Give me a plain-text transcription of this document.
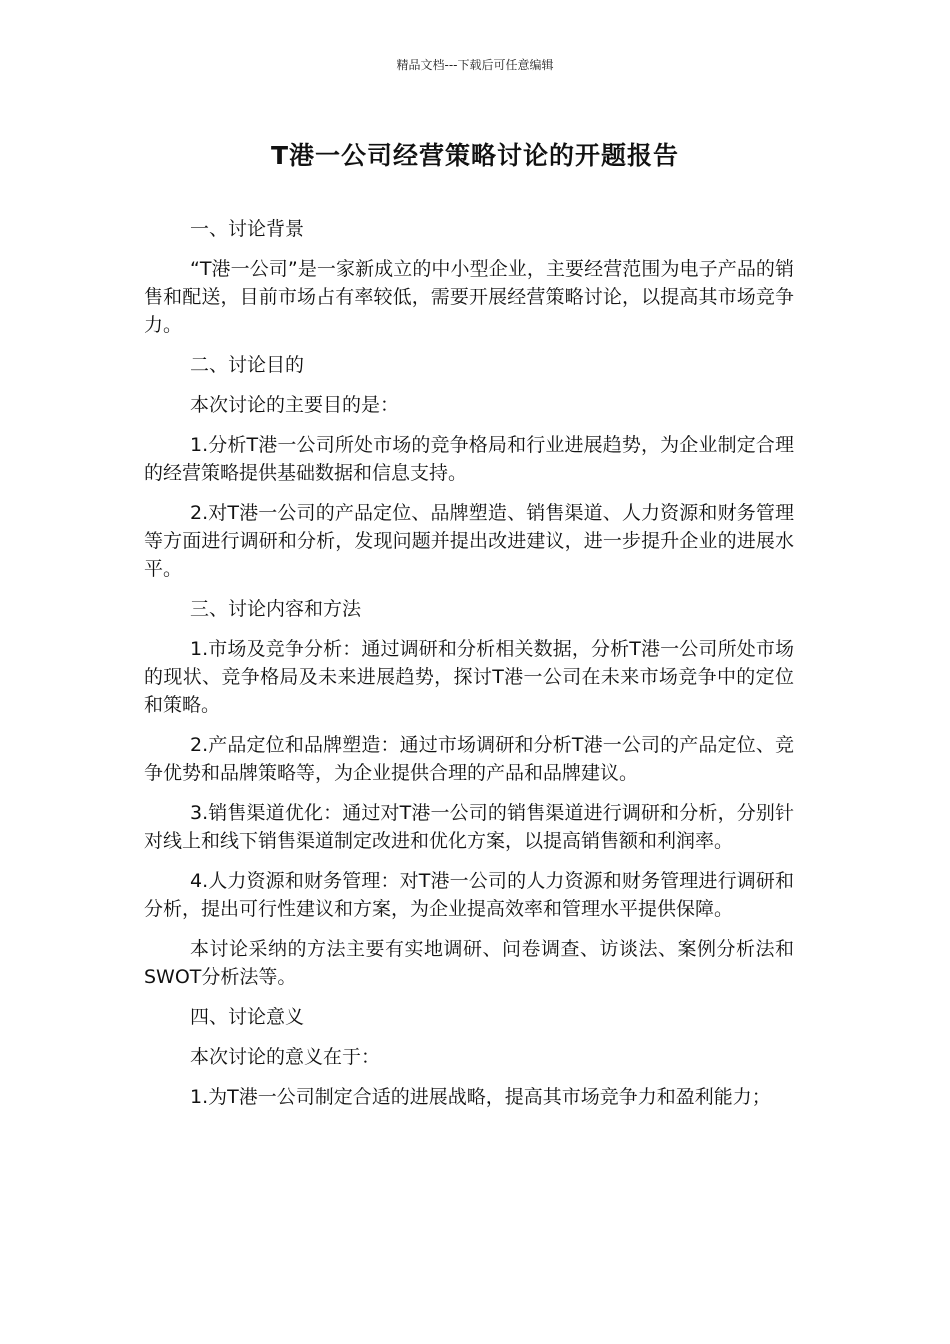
精品文档---下载后可任意编辑
T港一公司经营策略讨论的开题报告

一、讨论背景

“T港一公司”是一家新成立的中小型企业，主要经营范围为电子产品的销售和配送，目前市场占有率较低，需要开展经营策略讨论，以提高其市场竞争力。

二、讨论目的

本次讨论的主要目的是：

1.分析T港一公司所处市场的竞争格局和行业进展趋势，为企业制定合理的经营策略提供基础数据和信息支持。

2.对T港一公司的产品定位、品牌塑造、销售渠道、人力资源和财务管理等方面进行调研和分析，发现问题并提出改进建议，进一步提升企业的进展水平。

三、讨论内容和方法

1.市场及竞争分析：通过调研和分析相关数据，分析T港一公司所处市场的现状、竞争格局及未来进展趋势，探讨T港一公司在未来市场竞争中的定位和策略。

2.产品定位和品牌塑造：通过市场调研和分析T港一公司的产品定位、竞争优势和品牌策略等，为企业提供合理的产品和品牌建议。

3.销售渠道优化：通过对T港一公司的销售渠道进行调研和分析，分别针对线上和线下销售渠道制定改进和优化方案，以提高销售额和利润率。

4.人力资源和财务管理：对T港一公司的人力资源和财务管理进行调研和分析，提出可行性建议和方案，为企业提高效率和管理水平提供保障。

本讨论采纳的方法主要有实地调研、问卷调查、访谈法、案例分析法和SWOT分析法等。

四、讨论意义

本次讨论的意义在于：

1.为T港一公司制定合适的进展战略，提高其市场竞争力和盈利能力；
